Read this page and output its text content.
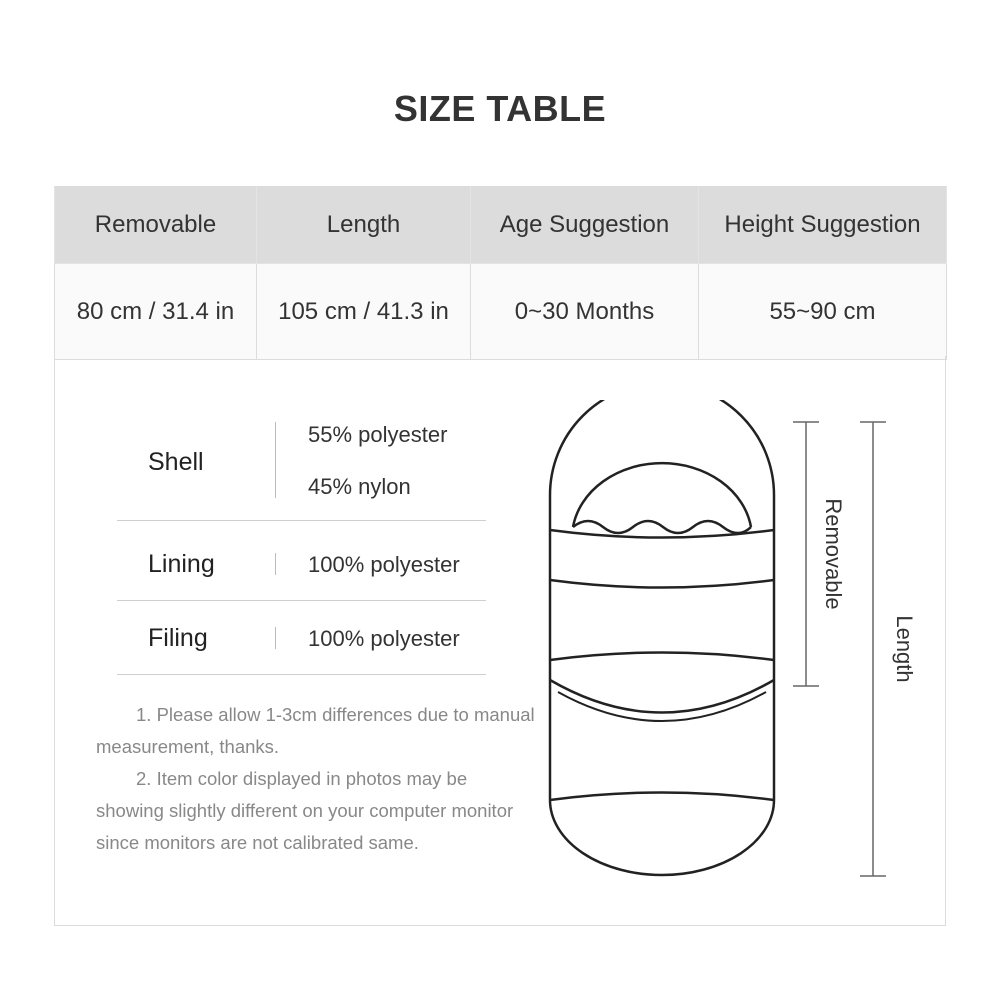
SIZE TABLE
Removable	Length	Age Suggestion	Height Suggestion
80 cm / 31.4 in	105 cm / 41.3 in	0~30 Months	55~90 cm
Shell
55% polyester
45% nylon
Lining	100% polyester
Filing	100% polyester

1. Please allow 1-3cm differences due to manual measurement, thanks.

2. Item color displayed in photos may be showing slightly different on your computer monitor since monitors are not calibrated same.

Removable
Length
